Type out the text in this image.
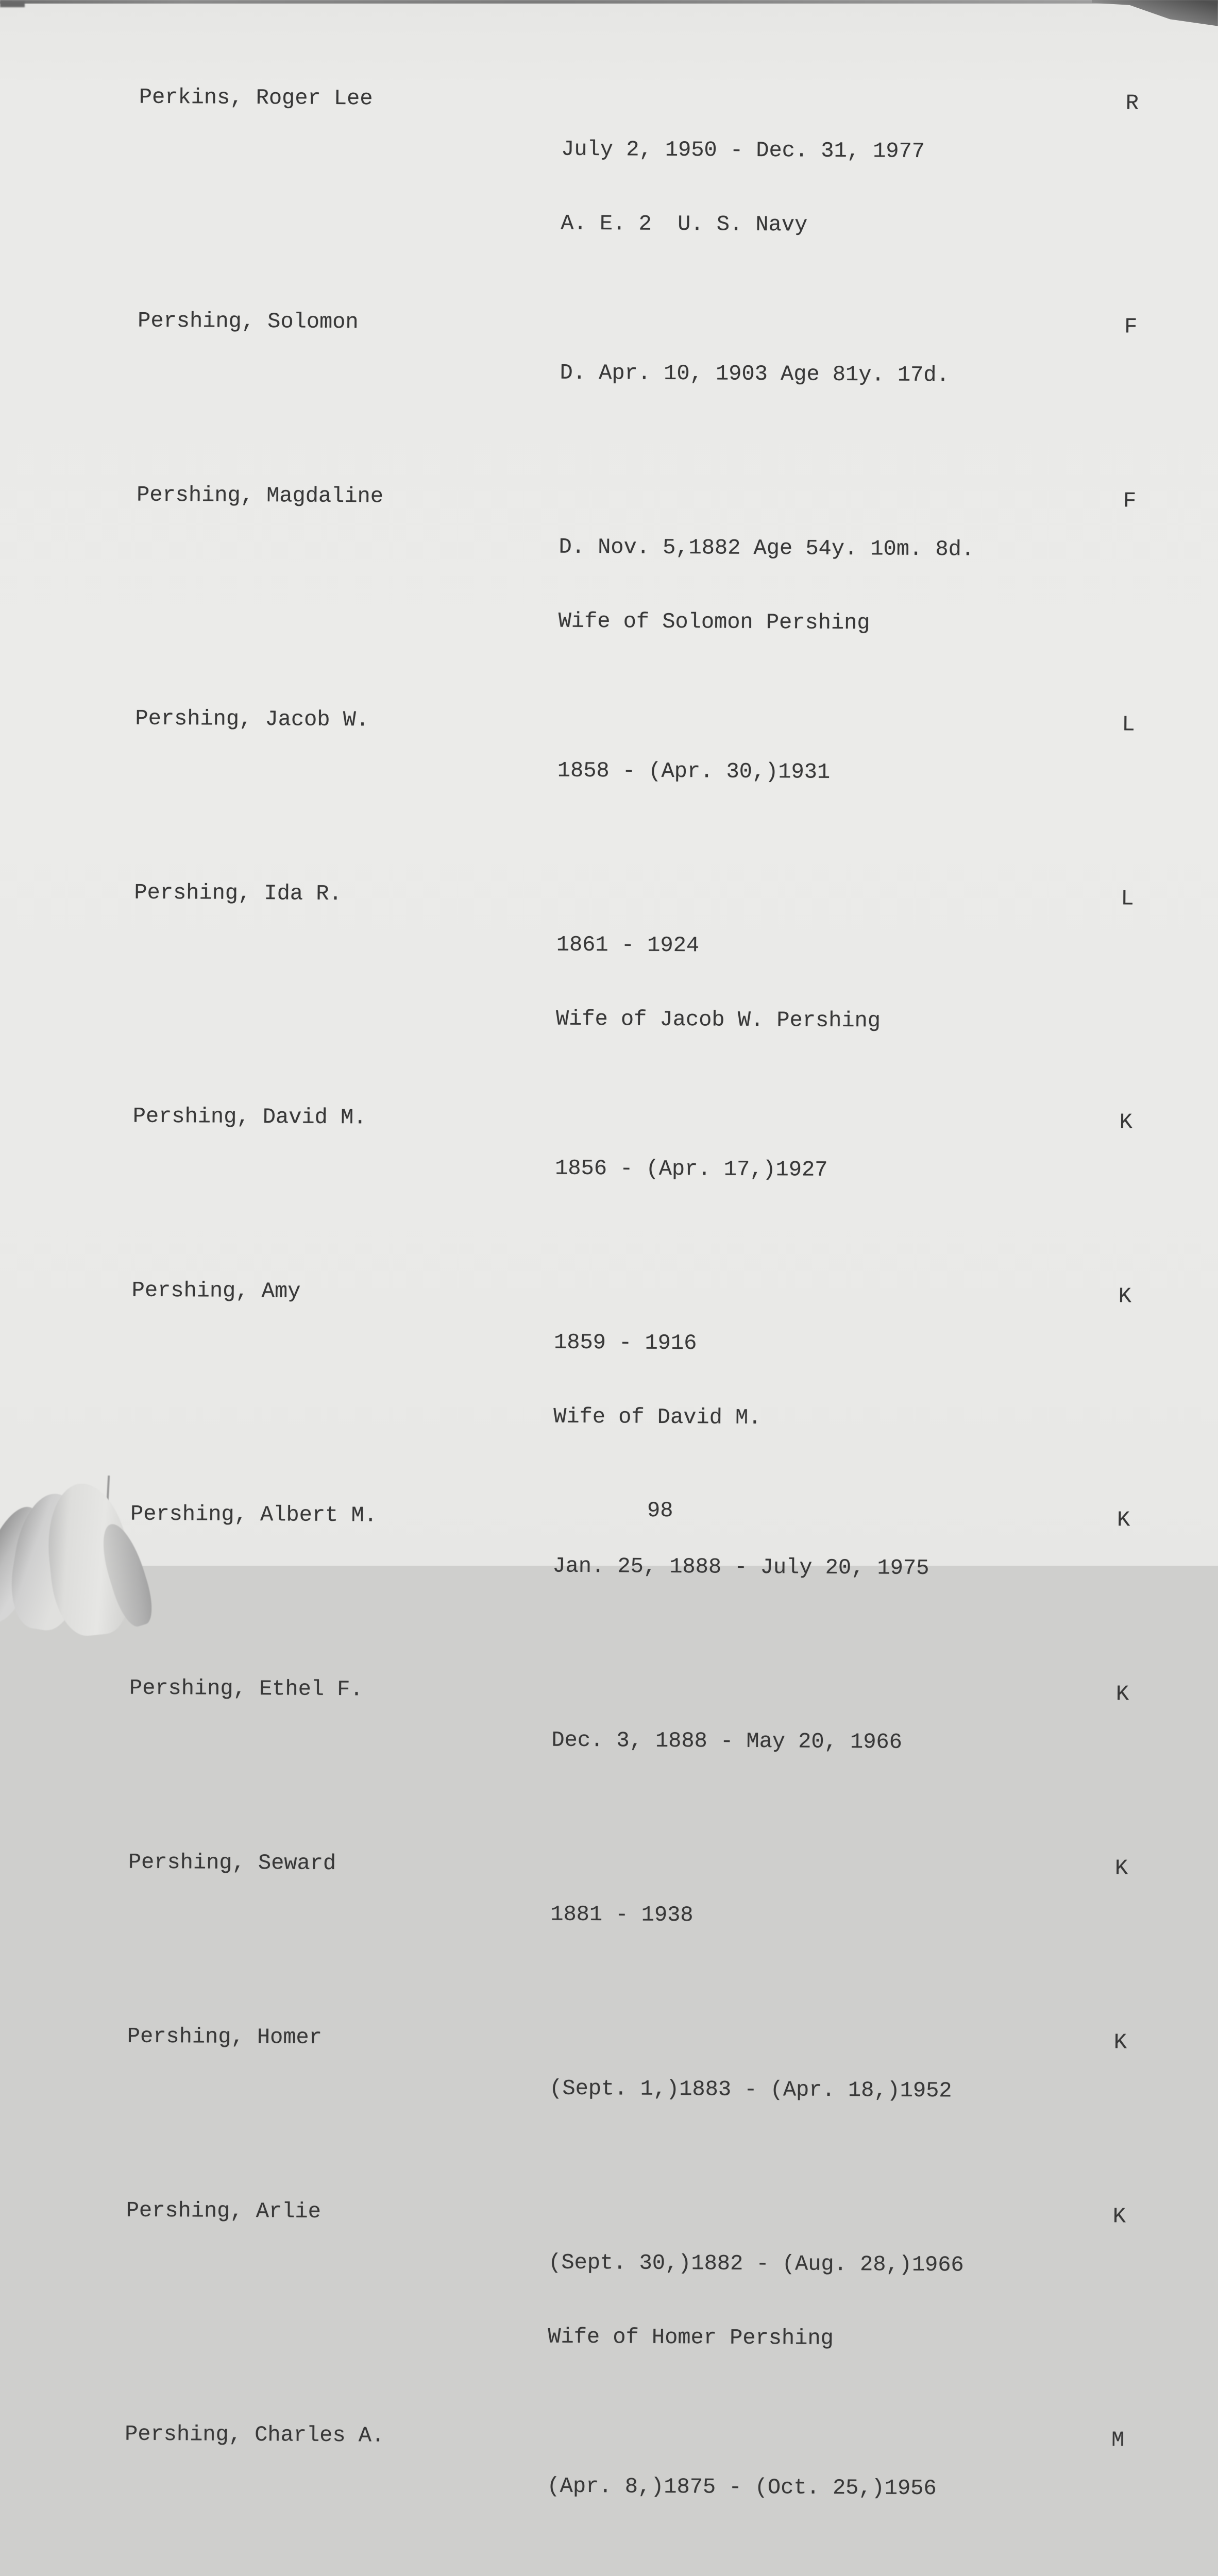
Perkins, Roger Lee

July 2, 1950 - Dec. 31, 1977

A. E. 2  U. S. Navy

R
Pershing, Solomon

D. Apr. 10, 1903 Age 81y. 17d.

F
Pershing, Magdaline

D. Nov. 5,1882 Age 54y. 10m. 8d.

Wife of Solomon Pershing

F
Pershing, Jacob W.

1858 - (Apr. 30,)1931

L
Pershing, Ida R.

1861 - 1924

Wife of Jacob W. Pershing

L
Pershing, David M.

1856 - (Apr. 17,)1927

K
Pershing, Amy

1859 - 1916

Wife of David M.

K
Pershing, Albert M.

Jan. 25, 1888 - July 20, 1975

K
Pershing, Ethel F.

Dec. 3, 1888 - May 20, 1966

K
Pershing, Seward

1881 - 1938

K
Pershing, Homer

(Sept. 1,)1883 - (Apr. 18,)1952

K
Pershing, Arlie

(Sept. 30,)1882 - (Aug. 28,)1966

Wife of Homer Pershing

K
Pershing, Charles A.

(Apr. 8,)1875 - (Oct. 25,)1956

M

98
